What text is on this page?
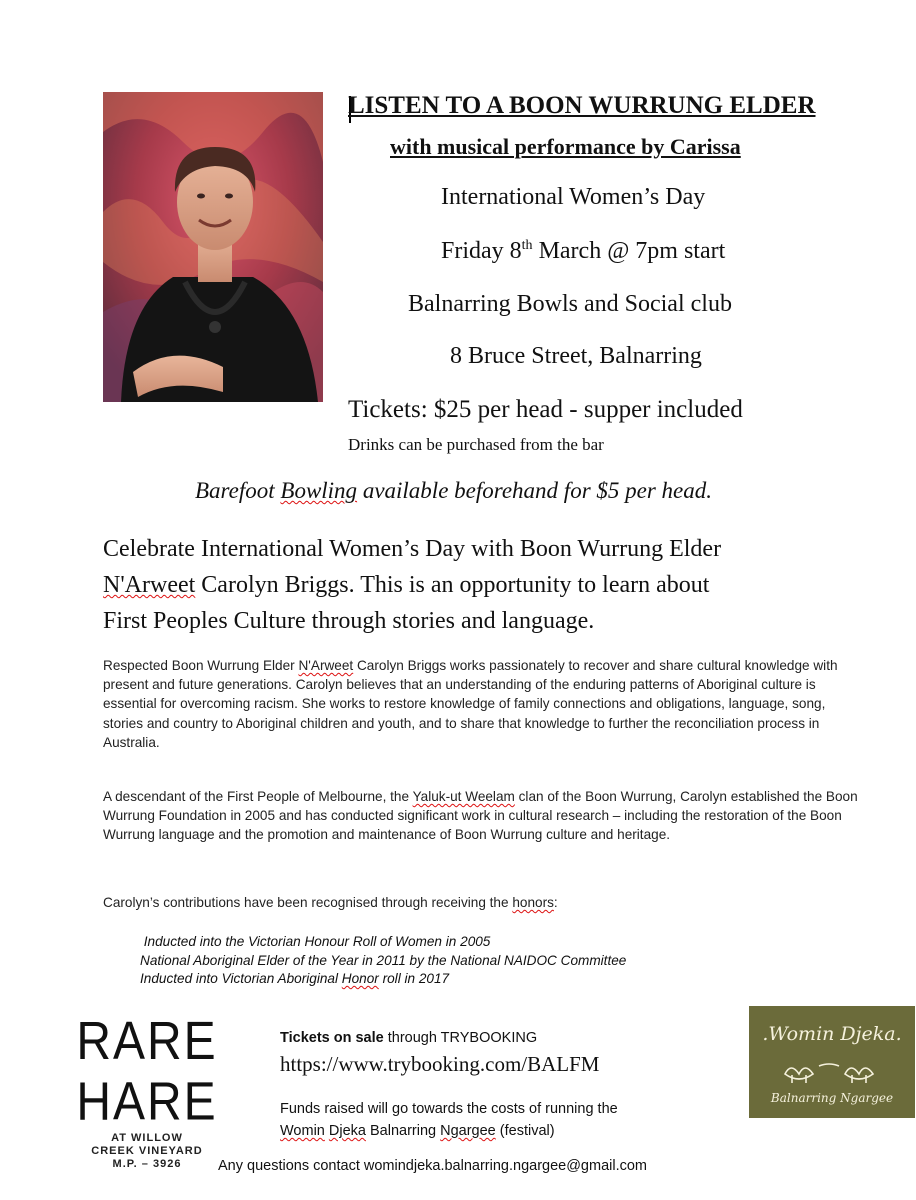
LISTEN TO A BOON WURRUNG ELDER
with musical performance by Carissa
International Women’s Day
Friday 8th March @ 7pm start
Balnarring Bowls and Social club
8 Bruce Street, Balnarring
Tickets: $25 per head - supper included
Drinks can be purchased from the bar
Barefoot Bowling available beforehand for $5 per head.
Celebrate International Women’s Day with Boon Wurrung Elder
N'Arweet Carolyn Briggs. This is an opportunity to learn about
First Peoples Culture through stories and language.
Respected Boon Wurrung Elder N'Arweet Carolyn Briggs works passionately to recover and share cultural knowledge with present and future generations. Carolyn believes that an understanding of the enduring patterns of Aboriginal culture is essential for overcoming racism. She works to restore knowledge of family connections and obligations, language, song, stories and country to Aboriginal children and youth, and to share that knowledge to further the reconciliation process in Australia.
A descendant of the First People of Melbourne, the Yaluk-ut Weelam clan of the Boon Wurrung, Carolyn established the Boon Wurrung Foundation in 2005 and has conducted significant work in cultural research – including the restoration of the Boon Wurrung language and the promotion and maintenance of Boon Wurrung culture and heritage.
Carolyn’s contributions have been recognised through receiving the honors:
Inducted into the Victorian Honour Roll of Women in 2005
National Aboriginal Elder of the Year in 2011 by the National NAIDOC Committee
Inducted into Victorian Aboriginal Honor roll in 2017
RARE HARE
AT WILLOW
CREEK VINEYARD
M.P. – 3926
Tickets on sale through TRYBOOKING
https://www.trybooking.com/BALFM
Funds raised will go towards the costs of running the
Womin Djeka Balnarring Ngargee (festival)
Any questions contact womindjeka.balnarring.ngargee@gmail.com
.Womin Djeka.
Balnarring Ngargee
